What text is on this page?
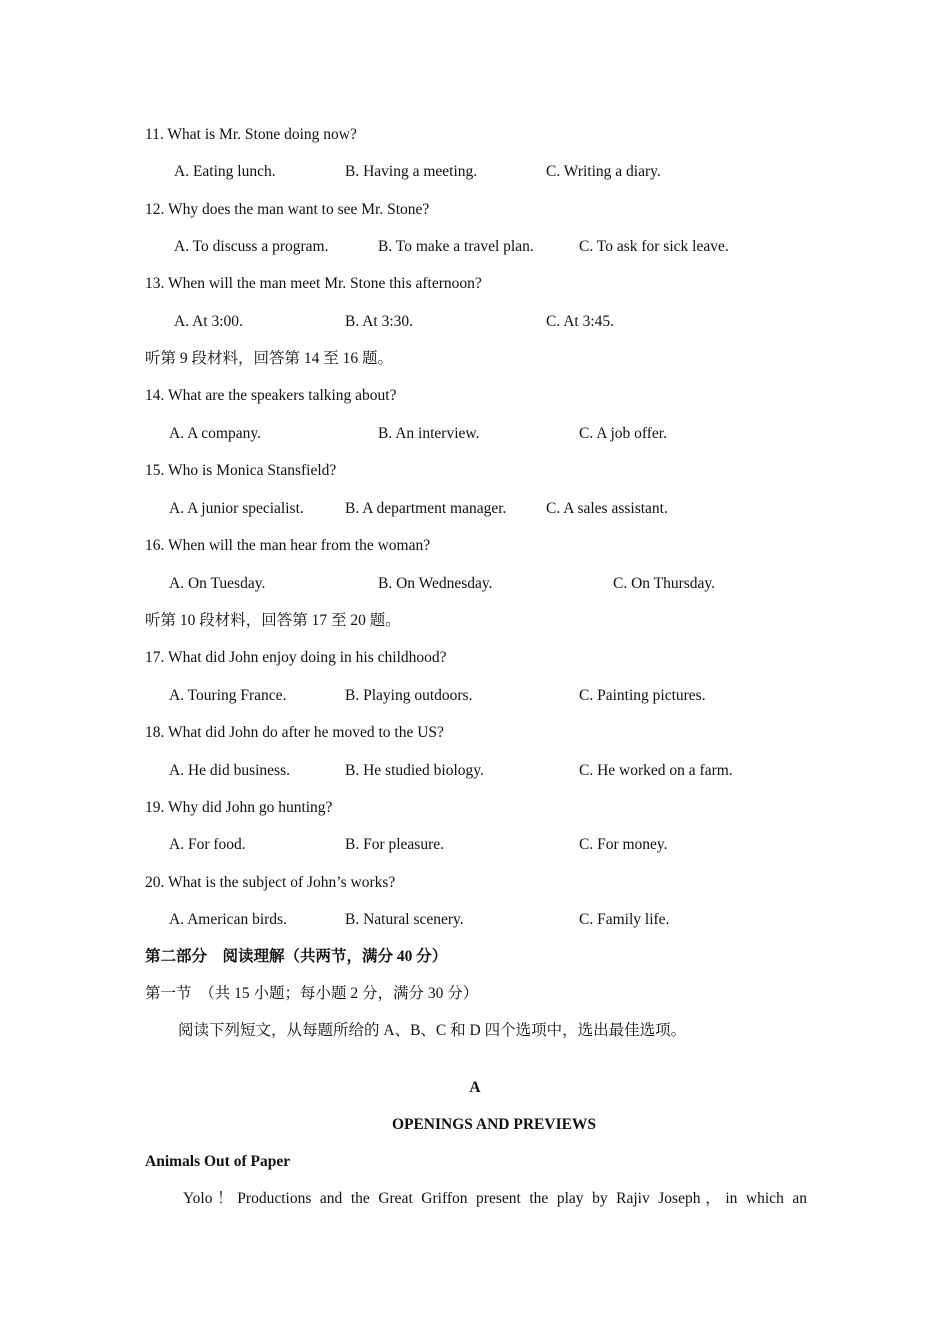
11. What is Mr. Stone doing now?
A. Eating lunch.	B. Having a meeting.	C. Writing a diary.
12. Why does the man want to see Mr. Stone?
A. To discuss a program.	B. To make a travel plan.	C. To ask for sick leave.
13. When will the man meet Mr. Stone this afternoon?
A. At 3:00.	B. At 3:30.	C. At 3:45.
听第 9 段材料，回答第 14 至 16 题。
14. What are the speakers talking about?
A. A company.	B. An interview.	C. A job offer.
15. Who is Monica Stansfield?
A. A junior specialist.	B. A department manager.	C. A sales assistant.
16. When will the man hear from the woman?
A. On Tuesday.	B. On Wednesday.	C. On Thursday.
听第 10 段材料，回答第 17 至 20 题。
17. What did John enjoy doing in his childhood?
A. Touring France.	B. Playing outdoors.	C. Painting pictures.
18. What did John do after he moved to the US?
A. He did business.	B. He studied biology.	C. He worked on a farm.
19. Why did John go hunting?
A. For food.	B. For pleasure.	C. For money.
20. What is the subject of John’s works?
A. American birds.	B. Natural scenery.	C. Family life.
第二部分　阅读理解（共两节，满分 40 分）
第一节　（共 15 小题；每小题 2 分，满分 30 分）
阅读下列短文，从每题所给的 A、B、C 和 D 四个选项中，选出最佳选项。
A
OPENINGS AND PREVIEWS
Animals Out of Paper
Yolo！Productions and the Great Griffon present the play by Rajiv Joseph，in which an
